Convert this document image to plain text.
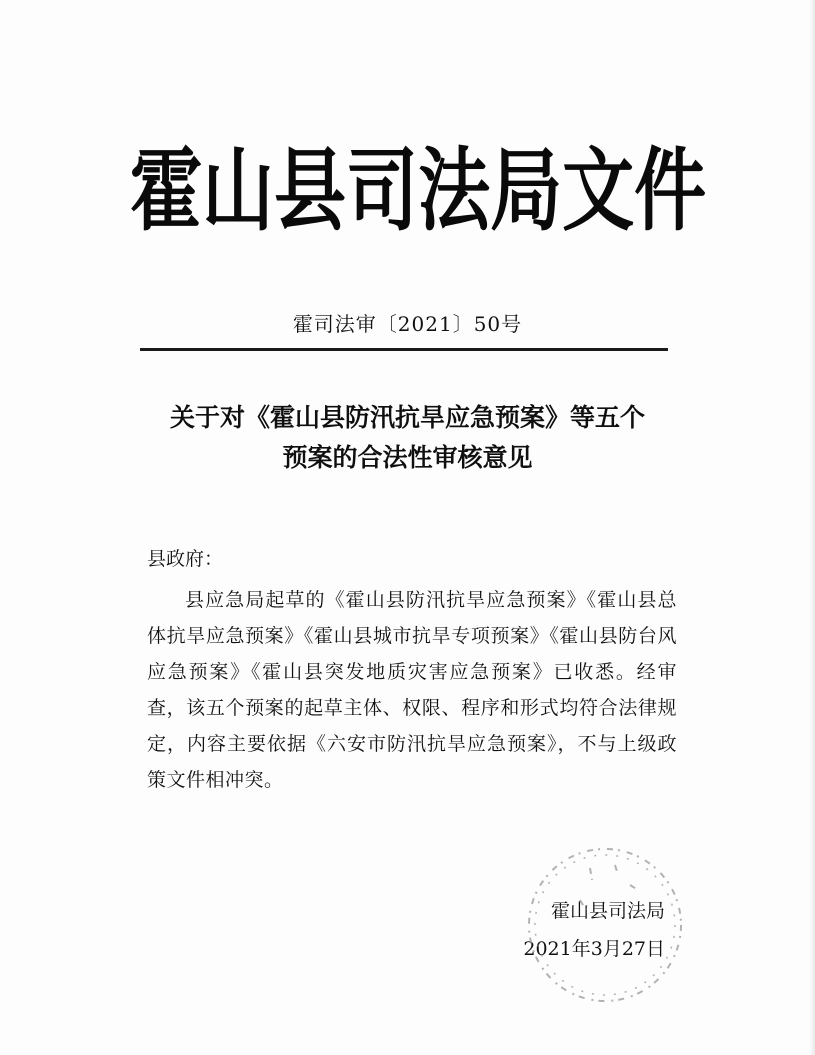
霍 山 县 司 法 局 文 件
霍司法审〔2021〕50号
关于对《霍山县防汛抗旱应急预案》等五个
预案的合法性审核意见
县政府：
县应急局起草的《霍山县防汛抗旱应急预案》《霍山县总体抗旱应急预案》《霍山县城市抗旱专项预案》《霍山县防台风应急预案》《霍山县突发地质灾害应急预案》已收悉。经审查，该五个预案的起草主体、权限、程序和形式均符合法律规定，内容主要依据《六安市防汛抗旱应急预案》，不与上级政策文件相冲突。
霍山县司法局
2021年3月27日
